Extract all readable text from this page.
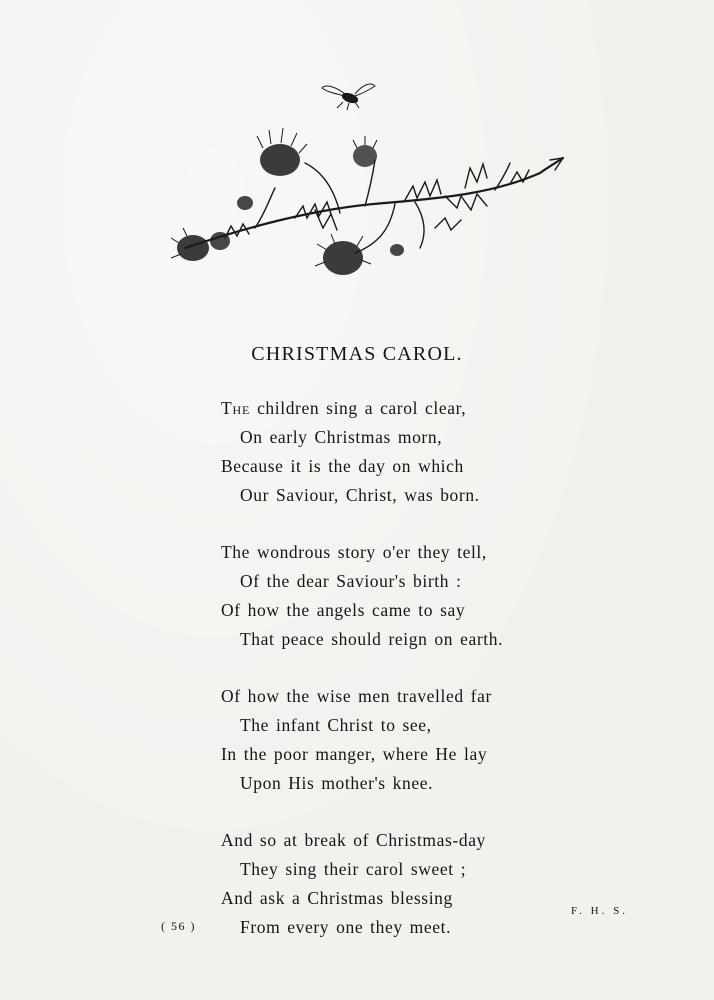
CHRISTMAS CAROL.
The children sing a carol clear,
On early Christmas morn,
Because it is the day on which
Our Saviour, Christ, was born.
The wondrous story o'er they tell,
Of the dear Saviour's birth :
Of how the angels came to say
That peace should reign on earth.
Of how the wise men travelled far
The infant Christ to see,
In the poor manger, where He lay
Upon His mother's knee.
And so at break of Christmas-day
They sing their carol sweet ;
And ask a Christmas blessing
From every one they meet.
( 56 )
F. H. S.
